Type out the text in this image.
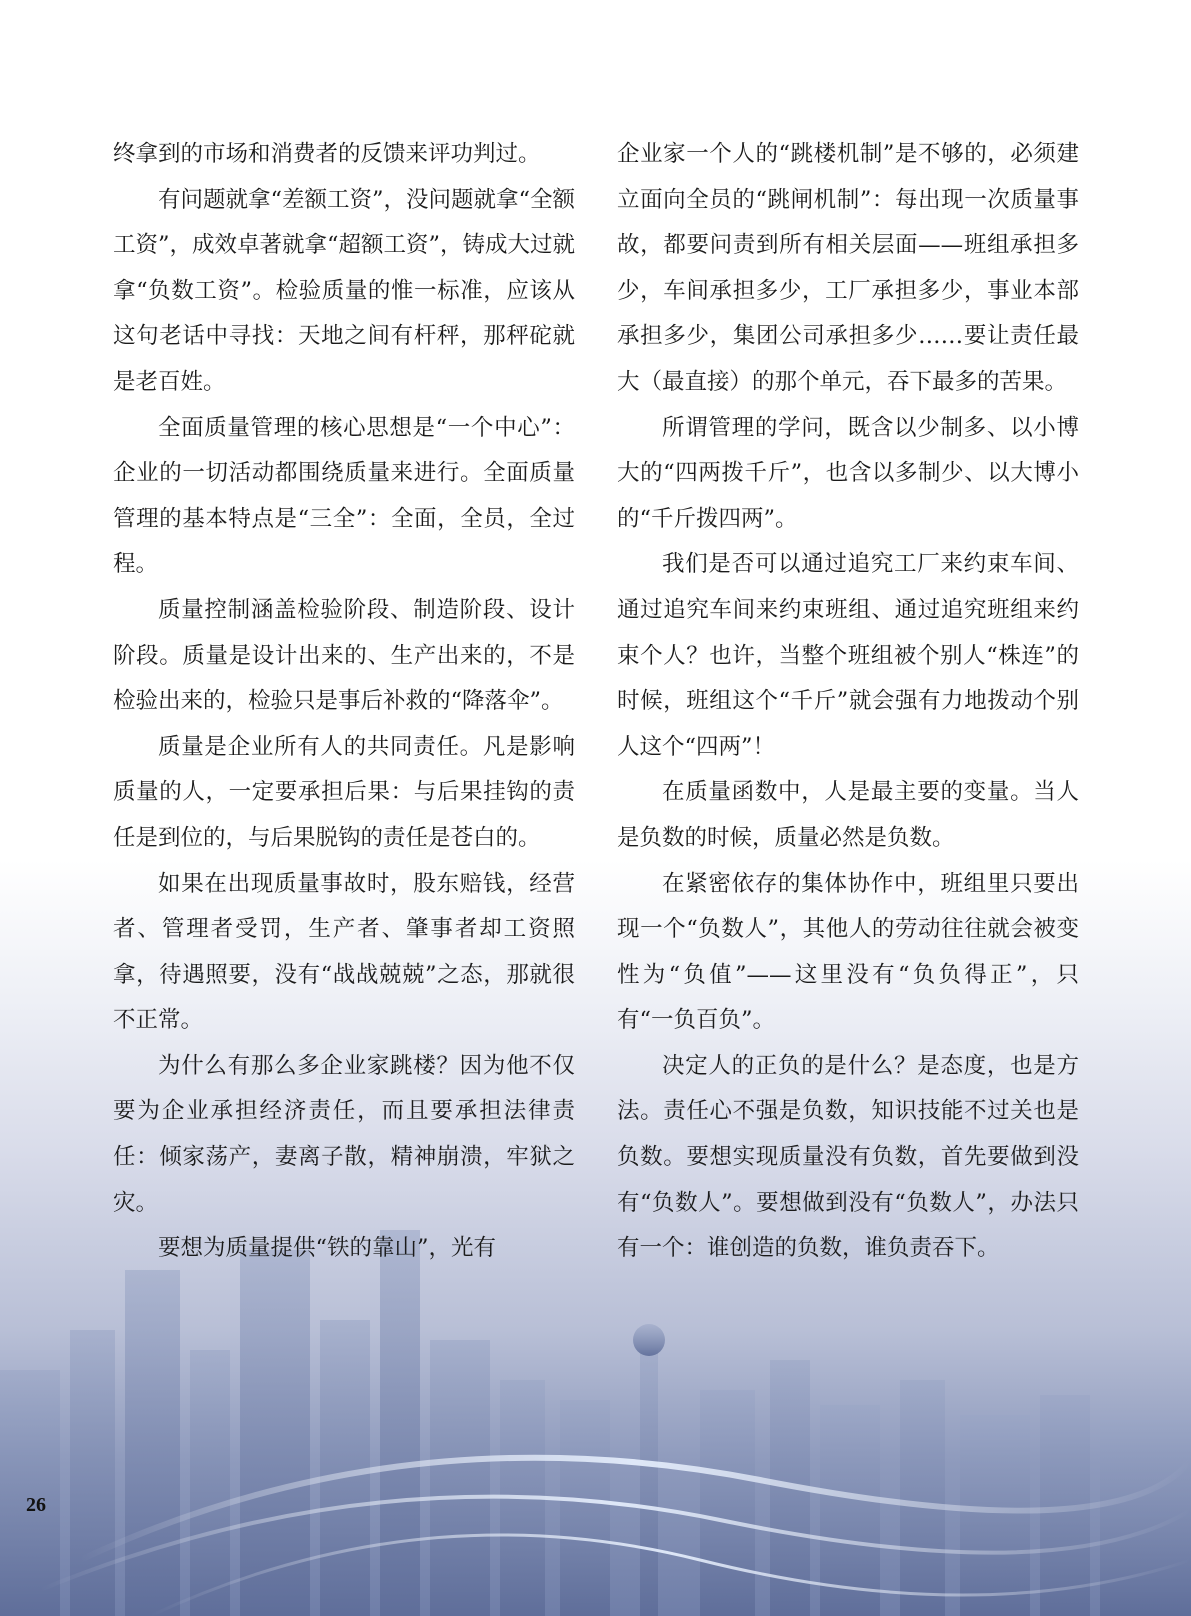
终拿到的市场和消费者的反馈来评功判过。

有问题就拿“差额工资”，没问题就拿“全额工资”，成效卓著就拿“超额工资”，铸成大过就拿“负数工资”。检验质量的惟一标准，应该从这句老话中寻找：天地之间有杆秤，那秤砣就是老百姓。

全面质量管理的核心思想是“一个中心”：企业的一切活动都围绕质量来进行。全面质量管理的基本特点是“三全”：全面，全员，全过程。

质量控制涵盖检验阶段、制造阶段、设计阶段。质量是设计出来的、生产出来的，不是检验出来的，检验只是事后补救的“降落伞”。

质量是企业所有人的共同责任。凡是影响质量的人，一定要承担后果：与后果挂钩的责任是到位的，与后果脱钩的责任是苍白的。

如果在出现质量事故时，股东赔钱，经营者、管理者受罚，生产者、肇事者却工资照拿，待遇照要，没有“战战兢兢”之态，那就很不正常。

为什么有那么多企业家跳楼？因为他不仅要为企业承担经济责任，而且要承担法律责任：倾家荡产，妻离子散，精神崩溃，牢狱之灾。

要想为质量提供“铁的靠山”，光有

企业家一个人的“跳楼机制”是不够的，必须建立面向全员的“跳闸机制”：每出现一次质量事故，都要问责到所有相关层面——班组承担多少，车间承担多少，工厂承担多少，事业本部承担多少，集团公司承担多少……要让责任最大（最直接）的那个单元，吞下最多的苦果。

所谓管理的学问，既含以少制多、以小博大的“四两拨千斤”，也含以多制少、以大博小的“千斤拨四两”。

我们是否可以通过追究工厂来约束车间、通过追究车间来约束班组、通过追究班组来约束个人？也许，当整个班组被个别人“株连”的时候，班组这个“千斤”就会强有力地拨动个别人这个“四两”！

在质量函数中，人是最主要的变量。当人是负数的时候，质量必然是负数。

在紧密依存的集体协作中，班组里只要出现一个“负数人”，其他人的劳动往往就会被变性为“负值”——这里没有“负负得正”，只有“一负百负”。

决定人的正负的是什么？是态度，也是方法。责任心不强是负数，知识技能不过关也是负数。要想实现质量没有负数，首先要做到没有“负数人”。要想做到没有“负数人”，办法只有一个：谁创造的负数，谁负责吞下。

26
